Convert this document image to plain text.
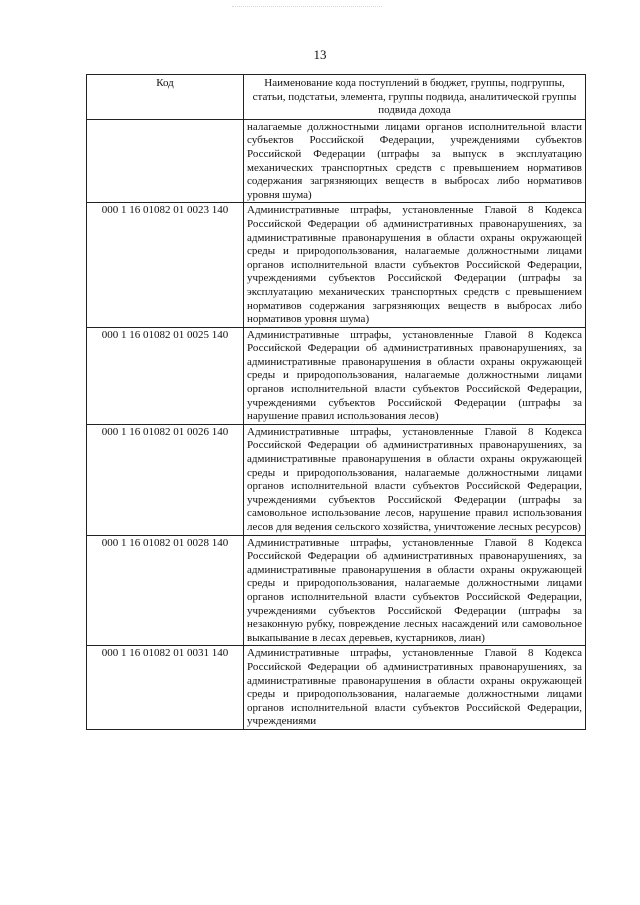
13
Код	Наименование кода поступлений в бюджет, группы, подгруппы, статьи, подстатьи, элемента, группы подвида, аналитической группы подвида дохода
	налагаемые должностными лицами органов исполнительной власти субъектов Российской Федерации, учреждениями субъектов Российской Федерации (штрафы за выпуск в эксплуатацию механических транспортных средств с превышением нормативов содержания загрязняющих веществ в выбросах либо нормативов уровня шума)
000 1 16 01082 01 0023 140	Административные штрафы, установленные Главой 8 Кодекса Российской Федерации об административных правонарушениях, за административные правонарушения в области охраны окружающей среды и природопользования, налагаемые должностными лицами органов исполнительной власти субъектов Российской Федерации, учреждениями субъектов Российской Федерации (штрафы за эксплуатацию механических транспортных средств с превышением нормативов содержания загрязняющих веществ в выбросах либо нормативов уровня шума)
000 1 16 01082 01 0025 140	Административные штрафы, установленные Главой 8 Кодекса Российской Федерации об административных правонарушениях, за административные правонарушения в области охраны окружающей среды и природопользования, налагаемые должностными лицами органов исполнительной власти субъектов Российской Федерации, учреждениями субъектов Российской Федерации (штрафы за нарушение правил использования лесов)
000 1 16 01082 01 0026 140	Административные штрафы, установленные Главой 8 Кодекса Российской Федерации об административных правонарушениях, за административные правонарушения в области охраны окружающей среды и природопользования, налагаемые должностными лицами органов исполнительной власти субъектов Российской Федерации, учреждениями субъектов Российской Федерации (штрафы за самовольное использование лесов, нарушение правил использования лесов для ведения сельского хозяйства, уничтожение лесных ресурсов)
000 1 16 01082 01 0028 140	Административные штрафы, установленные Главой 8 Кодекса Российской Федерации об административных правонарушениях, за административные правонарушения в области охраны окружающей среды и природопользования, налагаемые должностными лицами органов исполнительной власти субъектов Российской Федерации, учреждениями субъектов Российской Федерации (штрафы за незаконную рубку, повреждение лесных насаждений или самовольное выкапывание в лесах деревьев, кустарников, лиан)
000 1 16 01082 01 0031 140	Административные штрафы, установленные Главой 8 Кодекса Российской Федерации об административных правонарушениях, за административные правонарушения в области охраны окружающей среды и природопользования, налагаемые должностными лицами органов исполнительной власти субъектов Российской Федерации, учреждениями
